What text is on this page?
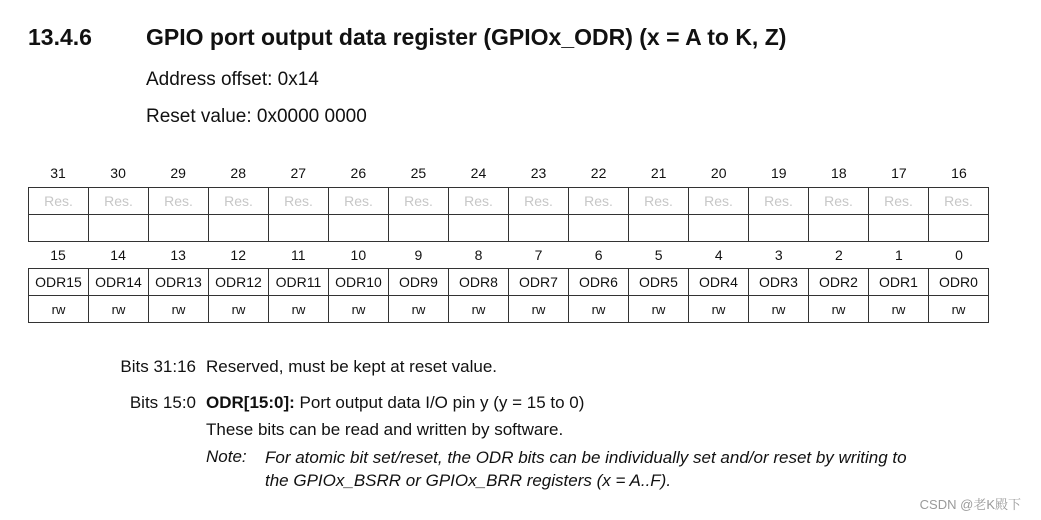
13.4.6 GPIO port output data register (GPIOx_ODR) (x = A to K, Z)
Address offset: 0x14
Reset value: 0x0000 0000
31	30	29	28	27	26	25	24	23	22	21	20	19	18	17	16
Res.	Res.	Res.	Res.	Res.	Res.	Res.	Res.	Res.	Res.	Res.	Res.	Res.	Res.	Res.	Res.

15	14	13	12	11	10	9	8	7	6	5	4	3	2	1	0
ODR15	ODR14	ODR13	ODR12	ODR11	ODR10	ODR9	ODR8	ODR7	ODR6	ODR5	ODR4	ODR3	ODR2	ODR1	ODR0
rw	rw	rw	rw	rw	rw	rw	rw	rw	rw	rw	rw	rw	rw	rw	rw
Bits 31:16 Reserved, must be kept at reset value.
Bits 15:0 ODR[15:0]: Port output data I/O pin y (y = 15 to 0)
These bits can be read and written by software.
Note: For atomic bit set/reset, the ODR bits can be individually set and/or reset by writing to
the GPIOx_BSRR or GPIOx_BRR registers (x = A..F).
CSDN @老K殿下
